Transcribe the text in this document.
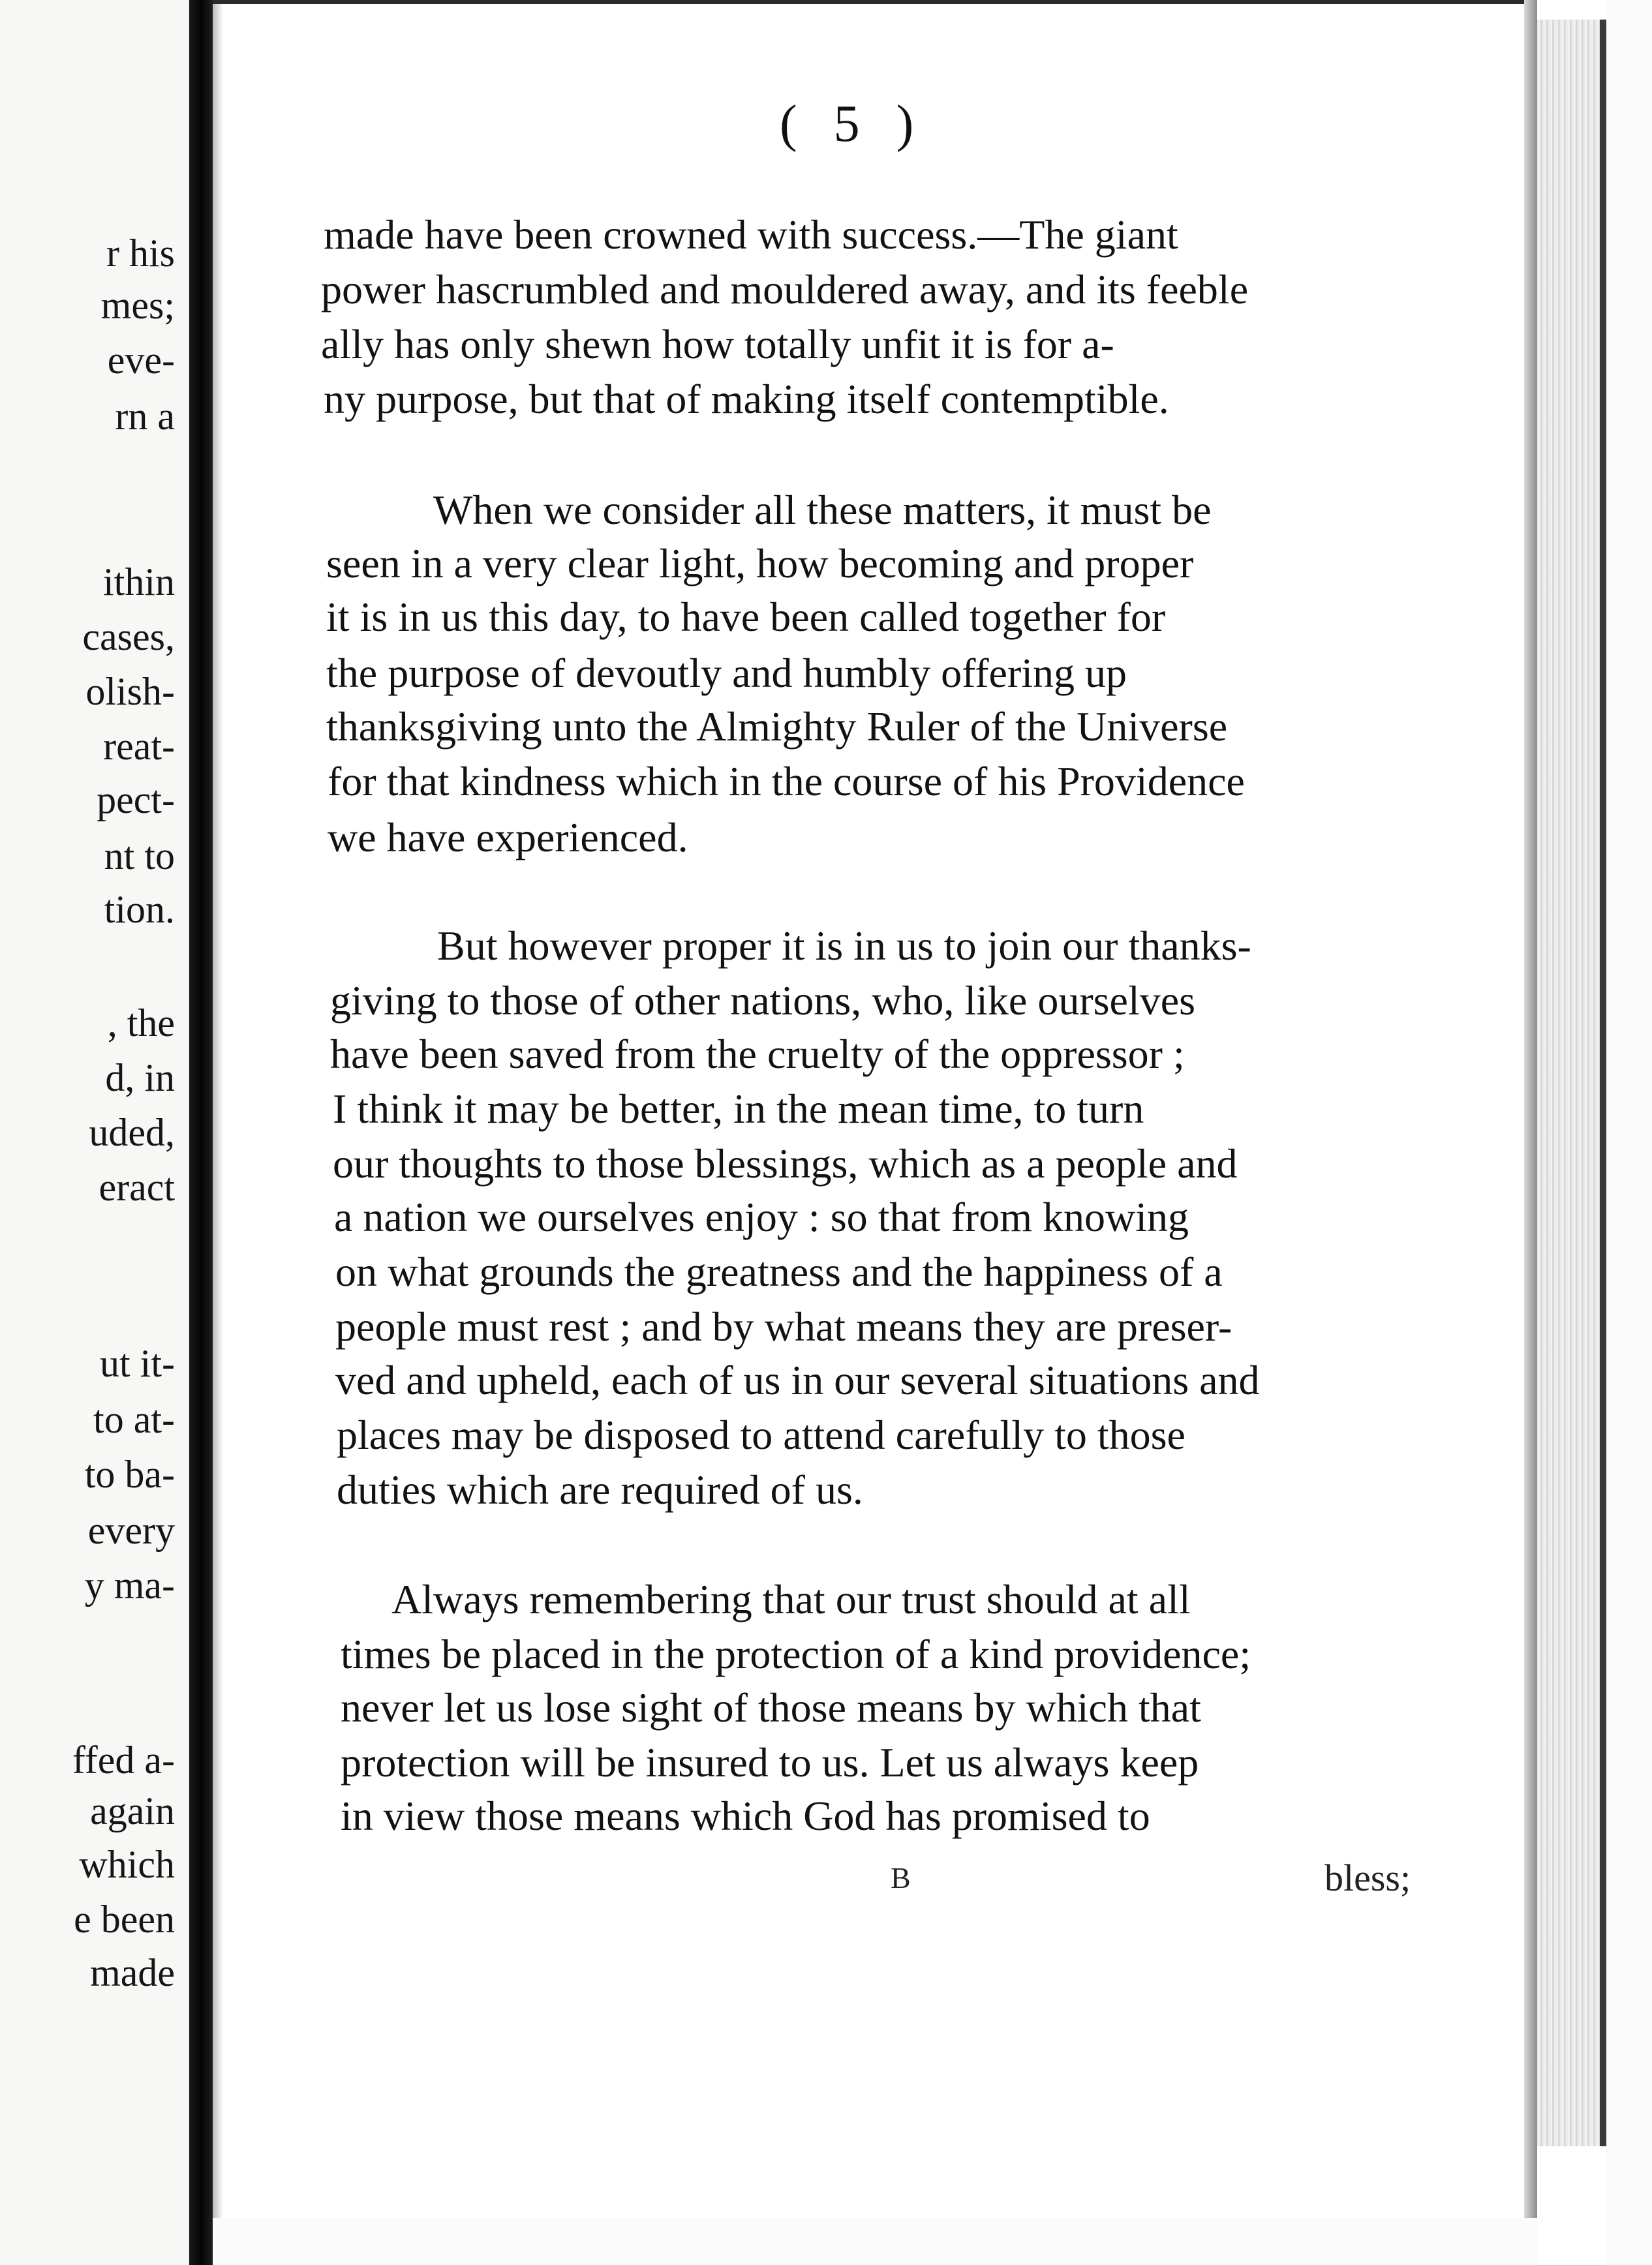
r his
mes;
eve-
rn a
ithin
cases,
olish-
reat-
pect-
nt to
tion.
, the
d, in
uded,
eract
ut it-
to at-
to ba-
every
y ma-
ffed a-
again
which
e been
made
( 5 )
made have been crowned with success.—The giant
power hascrumbled and mouldered away, and its feeble
ally has only shewn how totally unfit it is for a-
ny purpose, but that of making itself contemptible.
When we consider all these matters, it must be
seen in a very clear light, how becoming and proper
it is in us this day, to have been called together for
the purpose of devoutly and humbly offering up
thanksgiving unto the Almighty Ruler of the Universe
for that kindness which in the course of his Providence
we have experienced.
But however proper it is in us to join our thanks-
giving to those of other nations, who, like ourselves
have been saved from the cruelty of the oppressor ;
I think it may be better, in the mean time, to turn
our thoughts to those blessings, which as a people and
a nation we ourselves enjoy : so that from knowing
on what grounds the greatness and the happiness of a
people must rest ; and by what means they are preser-
ved and upheld, each of us in our several situations and
places may be disposed to attend carefully to those
duties which are required of us.
Always remembering that our trust should at all
times be placed in the protection of a kind providence;
never let us lose sight of those means by which that
protection will be insured to us. Let us always keep
in view those means which God has promised to
B	bless;
